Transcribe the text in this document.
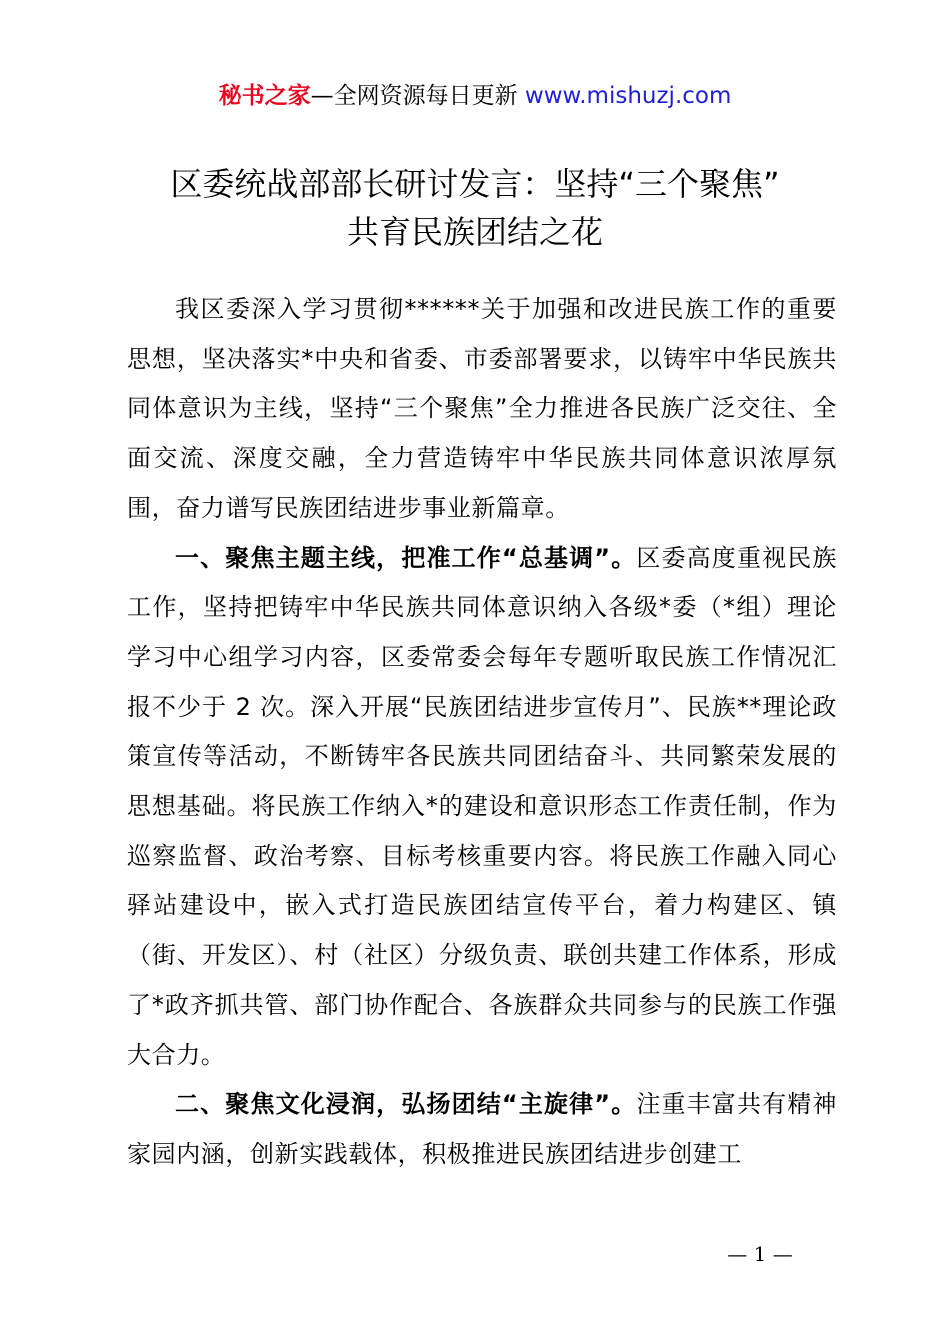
秘书之家—全网资源每日更新 www.mishuzj.com
区委统战部部长研讨发言：坚持“三个聚焦”
共育民族团结之花

我区委深入学习贯彻******关于加强和改进民族工作的重要思想，坚决落实*中央和省委、市委部署要求，以铸牢中华民族共同体意识为主线，坚持“三个聚焦”全力推进各民族广泛交往、全面交流、深度交融，全力营造铸牢中华民族共同体意识浓厚氛围，奋力谱写民族团结进步事业新篇章。

一、聚焦主题主线，把准工作“总基调”。区委高度重视民族工作，坚持把铸牢中华民族共同体意识纳入各级*委（*组）理论学习中心组学习内容，区委常委会每年专题听取民族工作情况汇报不少于 2 次。深入开展“民族团结进步宣传月”、民族**理论政策宣传等活动，不断铸牢各民族共同团结奋斗、共同繁荣发展的思想基础。将民族工作纳入*的建设和意识形态工作责任制，作为巡察监督、政治考察、目标考核重要内容。将民族工作融入同心驿站建设中，嵌入式打造民族团结宣传平台，着力构建区、镇（街、开发区）、村（社区）分级负责、联创共建工作体系，形成了*政齐抓共管、部门协作配合、各族群众共同参与的民族工作强大合力。

二、聚焦文化浸润，弘扬团结“主旋律”。注重丰富共有精神家园内涵，创新实践载体，积极推进民族团结进步创建工

— 1 —
